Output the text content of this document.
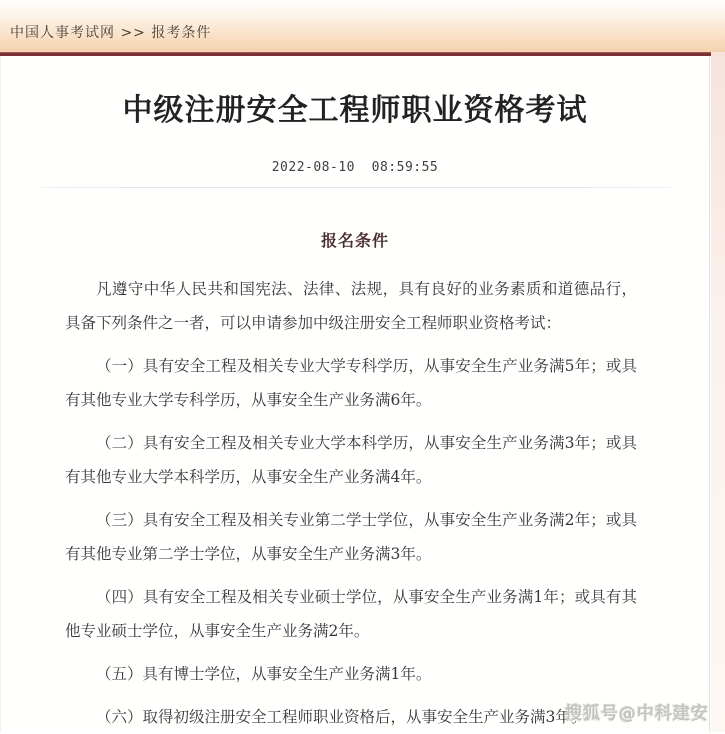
中国人事考试网 >> 报考条件
中级注册安全工程师职业资格考试
2022-08-10  08:59:55
报名条件

凡遵守中华人民共和国宪法、法律、法规，具有良好的业务素质和道德品行，具备下列条件之一者，可以申请参加中级注册安全工程师职业资格考试：

（一）具有安全工程及相关专业大学专科学历，从事安全生产业务满5年；或具有其他专业大学专科学历，从事安全生产业务满6年。

（二）具有安全工程及相关专业大学本科学历，从事安全生产业务满3年；或具有其他专业大学本科学历，从事安全生产业务满4年。

（三）具有安全工程及相关专业第二学士学位，从事安全生产业务满2年；或具有其他专业第二学士学位，从事安全生产业务满3年。

（四）具有安全工程及相关专业硕士学位，从事安全生产业务满1年；或具有其他专业硕士学位，从事安全生产业务满2年。

（五）具有博士学位，从事安全生产业务满1年。

（六）取得初级注册安全工程师职业资格后，从事安全生产业务满3年。

搜狐号@中科建安
